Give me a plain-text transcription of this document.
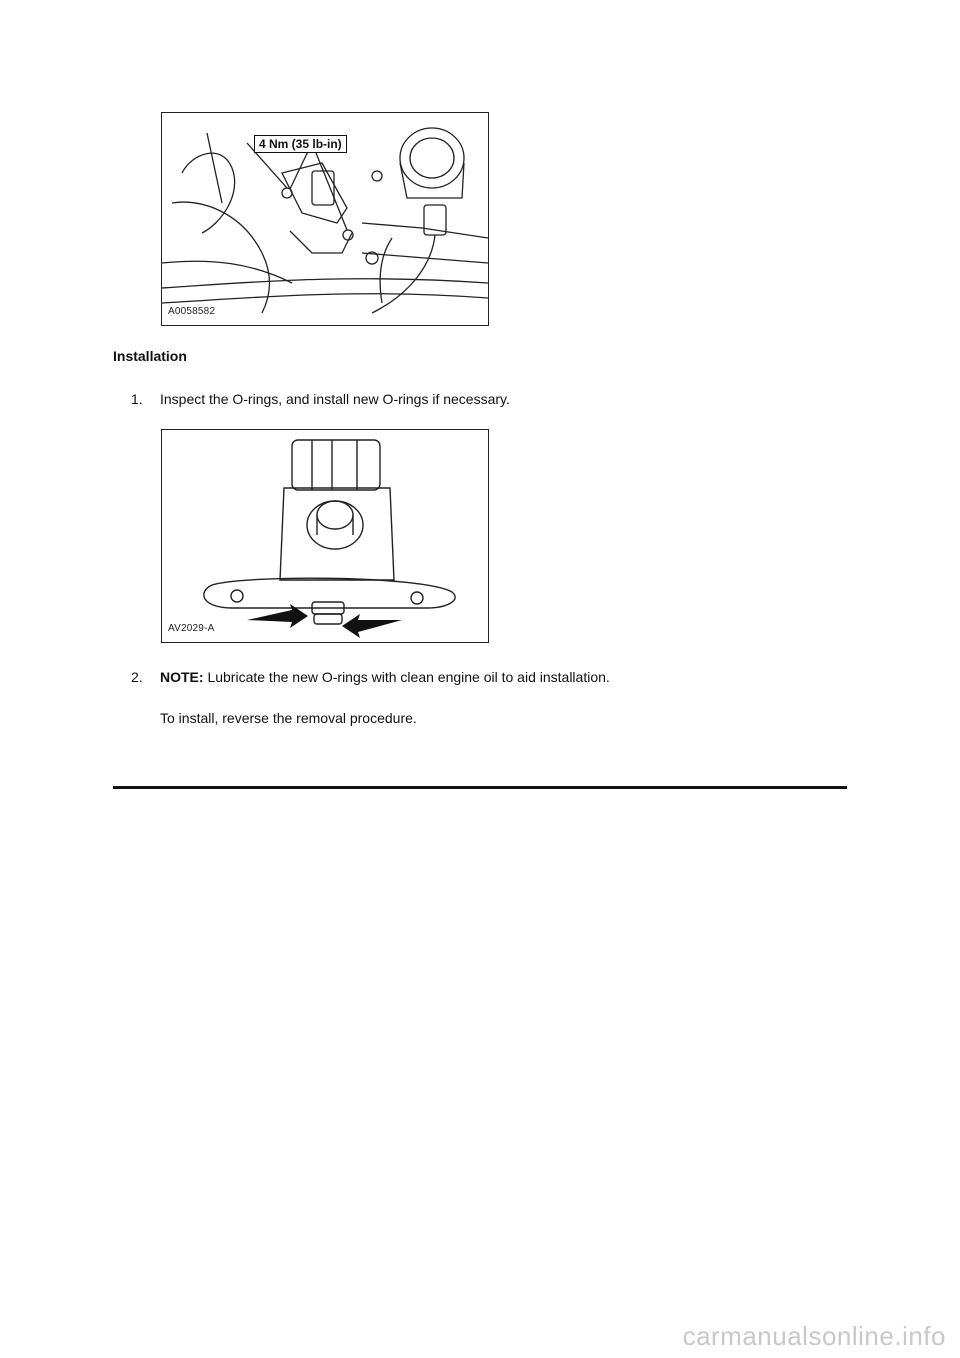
4 Nm (35 lb-in)
A0058582
Installation
1. Inspect the O-rings, and install new O-rings if necessary.
AV2029-A
2. NOTE: Lubricate the new O-rings with clean engine oil to aid installation.
To install, reverse the removal procedure.
carmanualsonline.info
